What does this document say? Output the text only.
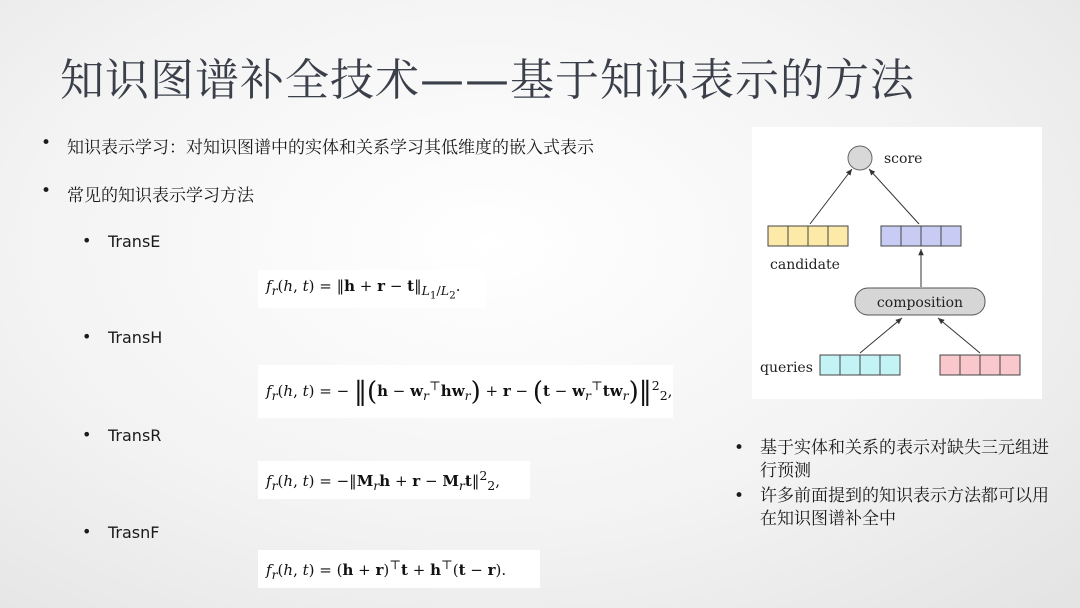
知识图谱补全技术——基于知识表示的方法
• 知识表示学习：对知识图谱中的实体和关系学习其低维度的嵌入式表示
• 常见的知识表示学习方法
• TransE
• TransH
• TransR
• TrasnF
$f_r(h$, t) = ‖h + $r - t‖_{L_1/L_2}$.
$f_r(h$, t) = − ‖(h − $w_r^⊤hw_r) + r - (t$ − $w_r^⊤tw_r)‖^2_2$,
$f_r(h$, $t) = -‖M_rh + r$ − $M_rt‖^2_2$,
$f_r(h$, t) = (h + r)⊤t + h⊤(t − r).
score
candidate
composition
queries
• 基于实体和关系的表示对缺失三元组进行预测
• 许多前面提到的知识表示方法都可以用在知识图谱补全中
